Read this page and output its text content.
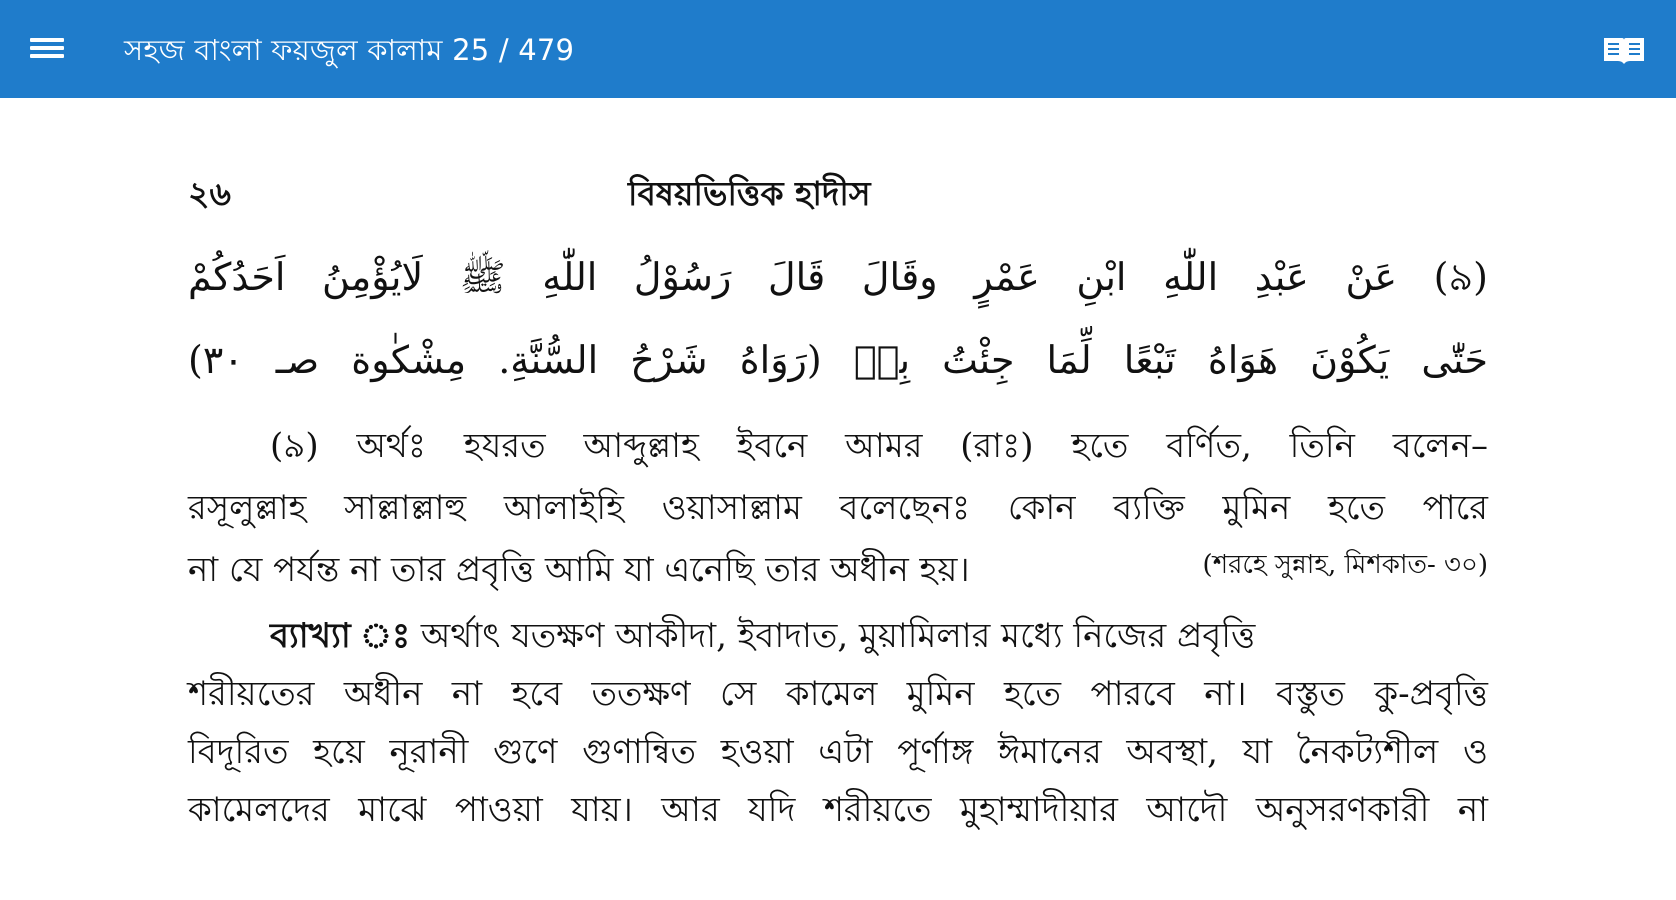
সহজ বাংলা ফয়জুল কালাম 25 / 479
২৬	বিষয়ভিত্তিক হাদীস
(৯) عَنْ عَبْدِ اللّٰهِ ابْنِ عَمْرٍ وقَالَ قَالَ رَسُوْلُ اللّٰهِ ﷺ لَايُؤْمِنُ اَحَدُكُمْ
حَتّٰى يَكُوْنَ هَوَاهُ تَبْعًا لِّمَا جِئْتُ بِهٖ (رَوَاهُ شَرْحُ السُّنَّةِ. مِشْكٰوة صـ ٣٠)
(৯) অর্থঃ হযরত আব্দুল্লাহ ইবনে আমর (রাঃ) হতে বর্ণিত, তিনি বলেন–
রসূলুল্লাহ সাল্লাল্লাহু আলাইহি ওয়াসাল্লাম বলেছেনঃ কোন ব্যক্তি মুমিন হতে পারে
না যে পর্যন্ত না তার প্রবৃত্তি আমি যা এনেছি তার অধীন হয়।	(শরহে সুন্নাহ, মিশকাত- ৩০)
ব্যাখ্যা ঃ অর্থাৎ যতক্ষণ আকীদা, ইবাদাত, মুয়ামিলার মধ্যে নিজের প্রবৃত্তি
শরীয়তের অধীন না হবে ততক্ষণ সে কামেল মুমিন হতে পারবে না। বস্তুত কু-প্রবৃত্তি
বিদূরিত হয়ে নূরানী গুণে গুণান্বিত হওয়া এটা পূর্ণাঙ্গ ঈমানের অবস্থা, যা নৈকট্যশীল ও
কামেলদের মাঝে পাওয়া যায়। আর যদি শরীয়তে মুহাম্মাদীয়ার আদৌ অনুসরণকারী না
